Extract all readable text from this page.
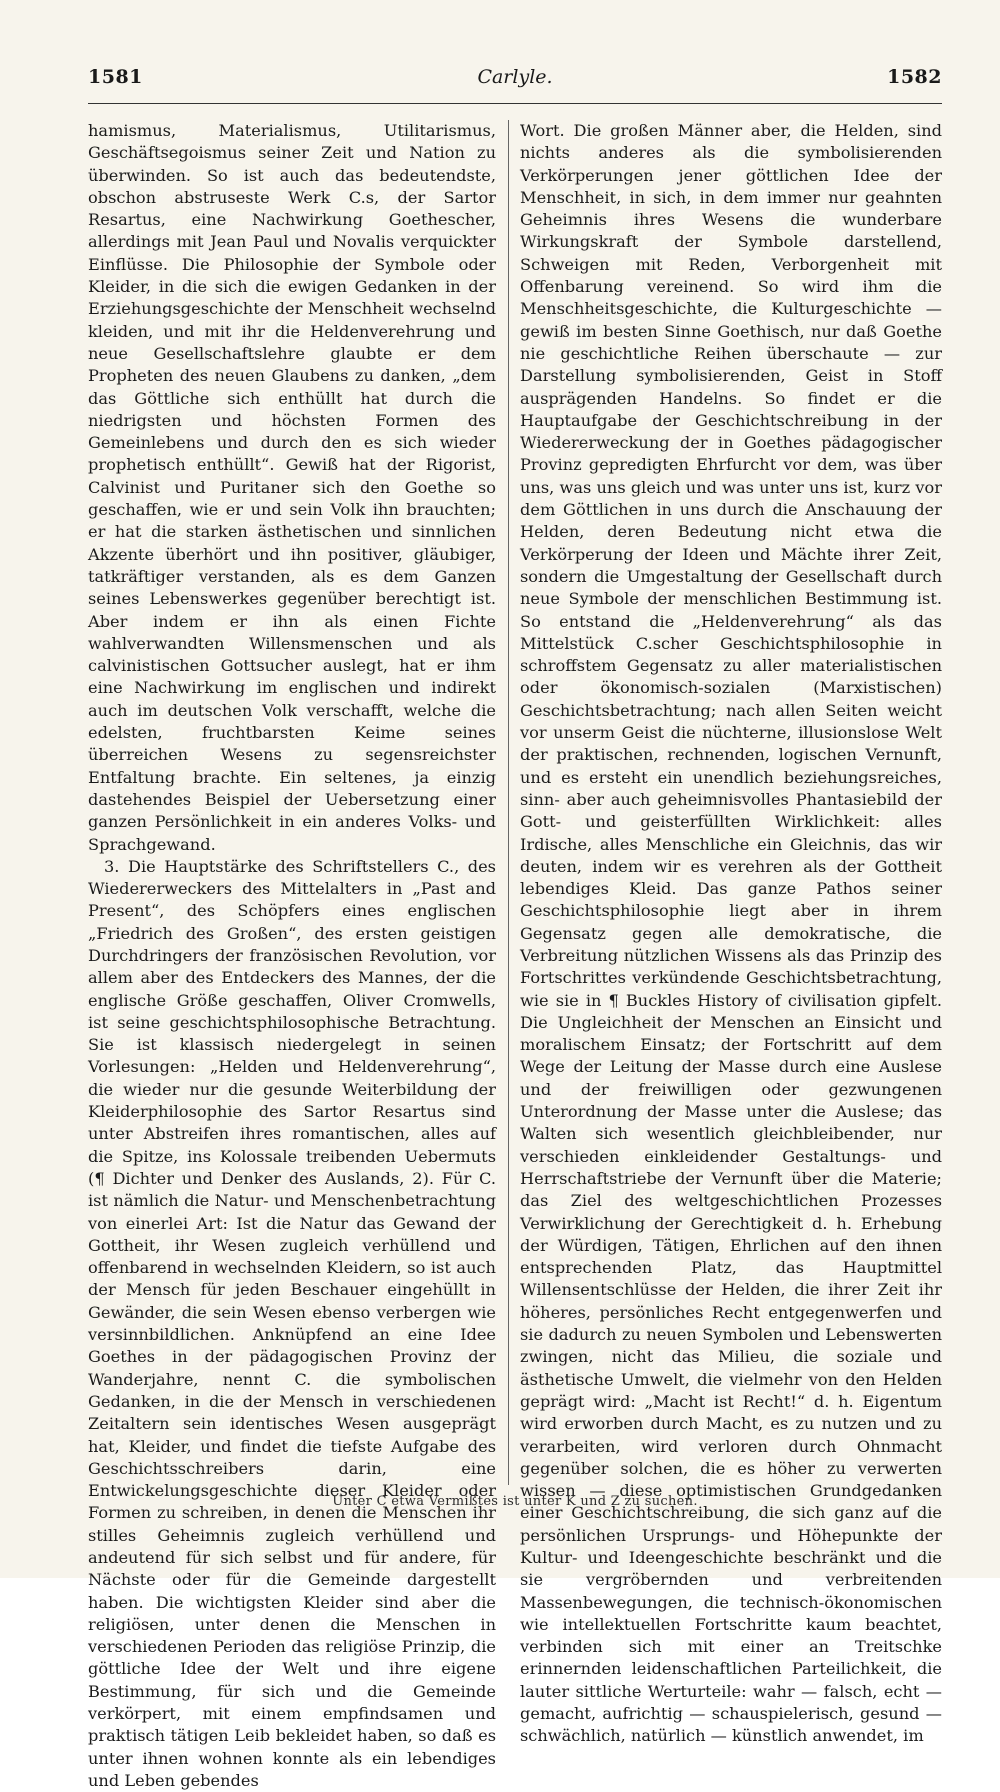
1581	Carlyle.	1582

hamismus, Materialismus, Utilitarismus, Geschäftsegoismus seiner Zeit und Nation zu überwinden. So ist auch das bedeutendste, obschon abstruseste Werk C.s, der Sartor Resartus, eine Nachwirkung Goethescher, allerdings mit Jean Paul und Novalis verquickter Einflüsse. Die Philosophie der Symbole oder Kleider, in die sich die ewigen Gedanken in der Erziehungsgeschichte der Menschheit wechselnd kleiden, und mit ihr die Heldenverehrung und neue Gesellschaftslehre glaubte er dem Propheten des neuen Glaubens zu danken, „dem das Göttliche sich enthüllt hat durch die niedrigsten und höchsten Formen des Gemeinlebens und durch den es sich wieder prophetisch enthüllt“. Gewiß hat der Rigorist, Calvinist und Puritaner sich den Goethe so geschaffen, wie er und sein Volk ihn brauchten; er hat die starken ästhetischen und sinnlichen Akzente überhört und ihn positiver, gläubiger, tatkräftiger verstanden, als es dem Ganzen seines Lebenswerkes gegenüber berechtigt ist. Aber indem er ihn als einen Fichte wahlverwandten Willensmenschen und als calvinistischen Gottsucher auslegt, hat er ihm eine Nachwirkung im englischen und indirekt auch im deutschen Volk verschafft, welche die edelsten, fruchtbarsten Keime seines überreichen Wesens zu segensreichster Entfaltung brachte. Ein seltenes, ja einzig dastehendes Beispiel der Uebersetzung einer ganzen Persönlichkeit in ein anderes Volks- und Sprachgewand.

3. Die Hauptstärke des Schriftstellers C., des Wiedererweckers des Mittelalters in „Past and Present“, des Schöpfers eines englischen „Friedrich des Großen“, des ersten geistigen Durchdringers der französischen Revolution, vor allem aber des Entdeckers des Mannes, der die englische Größe geschaffen, Oliver Cromwells, ist seine geschichtsphilosophische Betrachtung. Sie ist klassisch niedergelegt in seinen Vorlesungen: „Helden und Heldenverehrung“, die wieder nur die gesunde Weiterbildung der Kleiderphilosophie des Sartor Resartus sind unter Abstreifen ihres romantischen, alles auf die Spitze, ins Kolossale treibenden Uebermuts (¶ Dichter und Denker des Auslands, 2). Für C. ist nämlich die Natur- und Menschenbetrachtung von einerlei Art: Ist die Natur das Gewand der Gottheit, ihr Wesen zugleich verhüllend und offenbarend in wechselnden Kleidern, so ist auch der Mensch für jeden Beschauer eingehüllt in Gewänder, die sein Wesen ebenso verbergen wie versinnbildlichen. Anknüpfend an eine Idee Goethes in der pädagogischen Provinz der Wanderjahre, nennt C. die symbolischen Gedanken, in die der Mensch in verschiedenen Zeitaltern sein identisches Wesen ausgeprägt hat, Kleider, und findet die tiefste Aufgabe des Geschichtsschreibers darin, eine Entwickelungsgeschichte dieser Kleider oder Formen zu schreiben, in denen die Menschen ihr stilles Geheimnis zugleich verhüllend und andeutend für sich selbst und für andere, für Nächste oder für die Gemeinde dargestellt haben. Die wichtigsten Kleider sind aber die religiösen, unter denen die Menschen in verschiedenen Perioden das religiöse Prinzip, die göttliche Idee der Welt und ihre eigene Bestimmung, für sich und die Gemeinde verkörpert, mit einem empfindsamen und praktisch tätigen Leib bekleidet haben, so daß es unter ihnen wohnen konnte als ein lebendiges und Leben gebendes

Wort. Die großen Männer aber, die Helden, sind nichts anderes als die symbolisierenden Verkörperungen jener göttlichen Idee der Menschheit, in sich, in dem immer nur geahnten Geheimnis ihres Wesens die wunderbare Wirkungskraft der Symbole darstellend, Schweigen mit Reden, Verborgenheit mit Offenbarung vereinend. So wird ihm die Menschheitsgeschichte, die Kulturgeschichte — gewiß im besten Sinne Goethisch, nur daß Goethe nie geschichtliche Reihen überschaute — zur Darstellung symbolisierenden, Geist in Stoff ausprägenden Handelns. So findet er die Hauptaufgabe der Geschichtschreibung in der Wiedererweckung der in Goethes pädagogischer Provinz gepredigten Ehrfurcht vor dem, was über uns, was uns gleich und was unter uns ist, kurz vor dem Göttlichen in uns durch die Anschauung der Helden, deren Bedeutung nicht etwa die Verkörperung der Ideen und Mächte ihrer Zeit, sondern die Umgestaltung der Gesellschaft durch neue Symbole der menschlichen Bestimmung ist. So entstand die „Heldenverehrung“ als das Mittelstück C.scher Geschichtsphilosophie in schroffstem Gegensatz zu aller materialistischen oder ökonomisch-sozialen (Marxistischen) Geschichtsbetrachtung; nach allen Seiten weicht vor unserm Geist die nüchterne, illusionslose Welt der praktischen, rechnenden, logischen Vernunft, und es ersteht ein unendlich beziehungsreiches, sinn- aber auch geheimnisvolles Phantasiebild der Gott- und geisterfüllten Wirklichkeit: alles Irdische, alles Menschliche ein Gleichnis, das wir deuten, indem wir es verehren als der Gottheit lebendiges Kleid. Das ganze Pathos seiner Geschichtsphilosophie liegt aber in ihrem Gegensatz gegen alle demokratische, die Verbreitung nützlichen Wissens als das Prinzip des Fortschrittes verkündende Geschichtsbetrachtung, wie sie in ¶ Buckles History of civilisation gipfelt. Die Ungleichheit der Menschen an Einsicht und moralischem Einsatz; der Fortschritt auf dem Wege der Leitung der Masse durch eine Auslese und der freiwilligen oder gezwungenen Unterordnung der Masse unter die Auslese; das Walten sich wesentlich gleichbleibender, nur verschieden einkleidender Gestaltungs- und Herrschaftstriebe der Vernunft über die Materie; das Ziel des weltgeschichtlichen Prozesses Verwirklichung der Gerechtigkeit d. h. Erhebung der Würdigen, Tätigen, Ehrlichen auf den ihnen entsprechenden Platz, das Hauptmittel Willensentschlüsse der Helden, die ihrer Zeit ihr höheres, persönliches Recht entgegenwerfen und sie dadurch zu neuen Symbolen und Lebenswerten zwingen, nicht das Milieu, die soziale und ästhetische Umwelt, die vielmehr von den Helden geprägt wird: „Macht ist Recht!“ d. h. Eigentum wird erworben durch Macht, es zu nutzen und zu verarbeiten, wird verloren durch Ohnmacht gegenüber solchen, die es höher zu verwerten wissen — diese optimistischen Grundgedanken einer Geschichtschreibung, die sich ganz auf die persönlichen Ursprungs- und Höhepunkte der Kultur- und Ideengeschichte beschränkt und die sie vergröbernden und verbreitenden Massenbewegungen, die technisch-ökonomischen wie intellektuellen Fortschritte kaum beachtet, verbinden sich mit einer an Treitschke erinnernden leidenschaftlichen Parteilichkeit, die lauter sittliche Werturteile: wahr — falsch, echt — gemacht, aufrichtig — schauspielerisch, gesund — schwächlich, natürlich — künstlich anwendet, im

Unter C etwa Vermißtes ist unter K und Z zu suchen.
